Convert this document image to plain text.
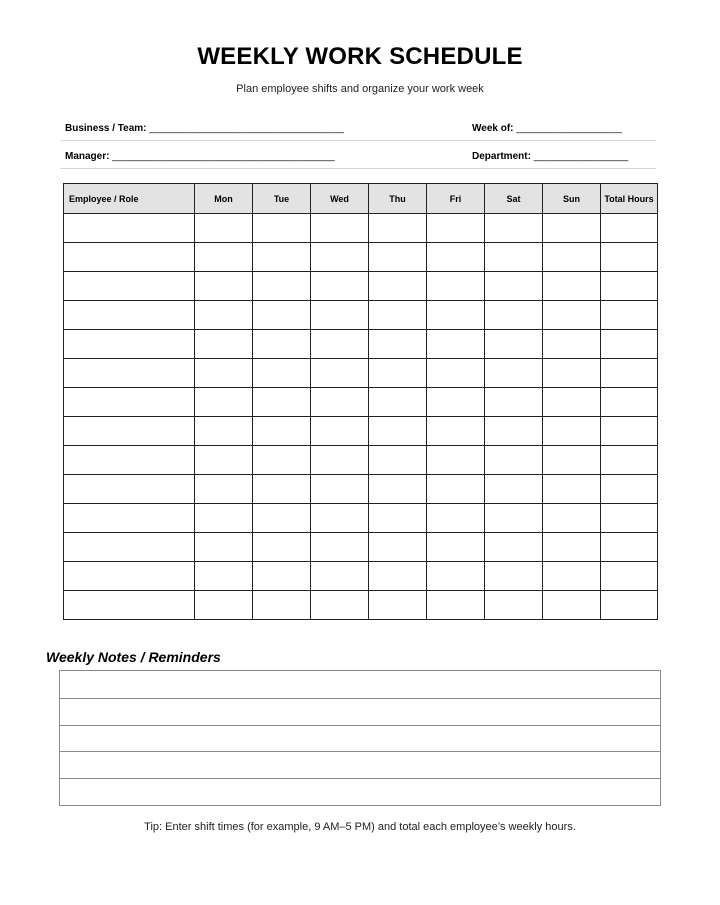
WEEKLY WORK SCHEDULE
Plan employee shifts and organize your work week
Business / Team: ___________________________________	Week of: ___________________
Manager: ________________________________________	Department: _________________
Employee / Role	Mon	Tue	Wed	Thu	Fri	Sat	Sun	Total Hours

Weekly Notes / Reminders
Tip: Enter shift times (for example, 9 AM–5 PM) and total each employee’s weekly hours.
